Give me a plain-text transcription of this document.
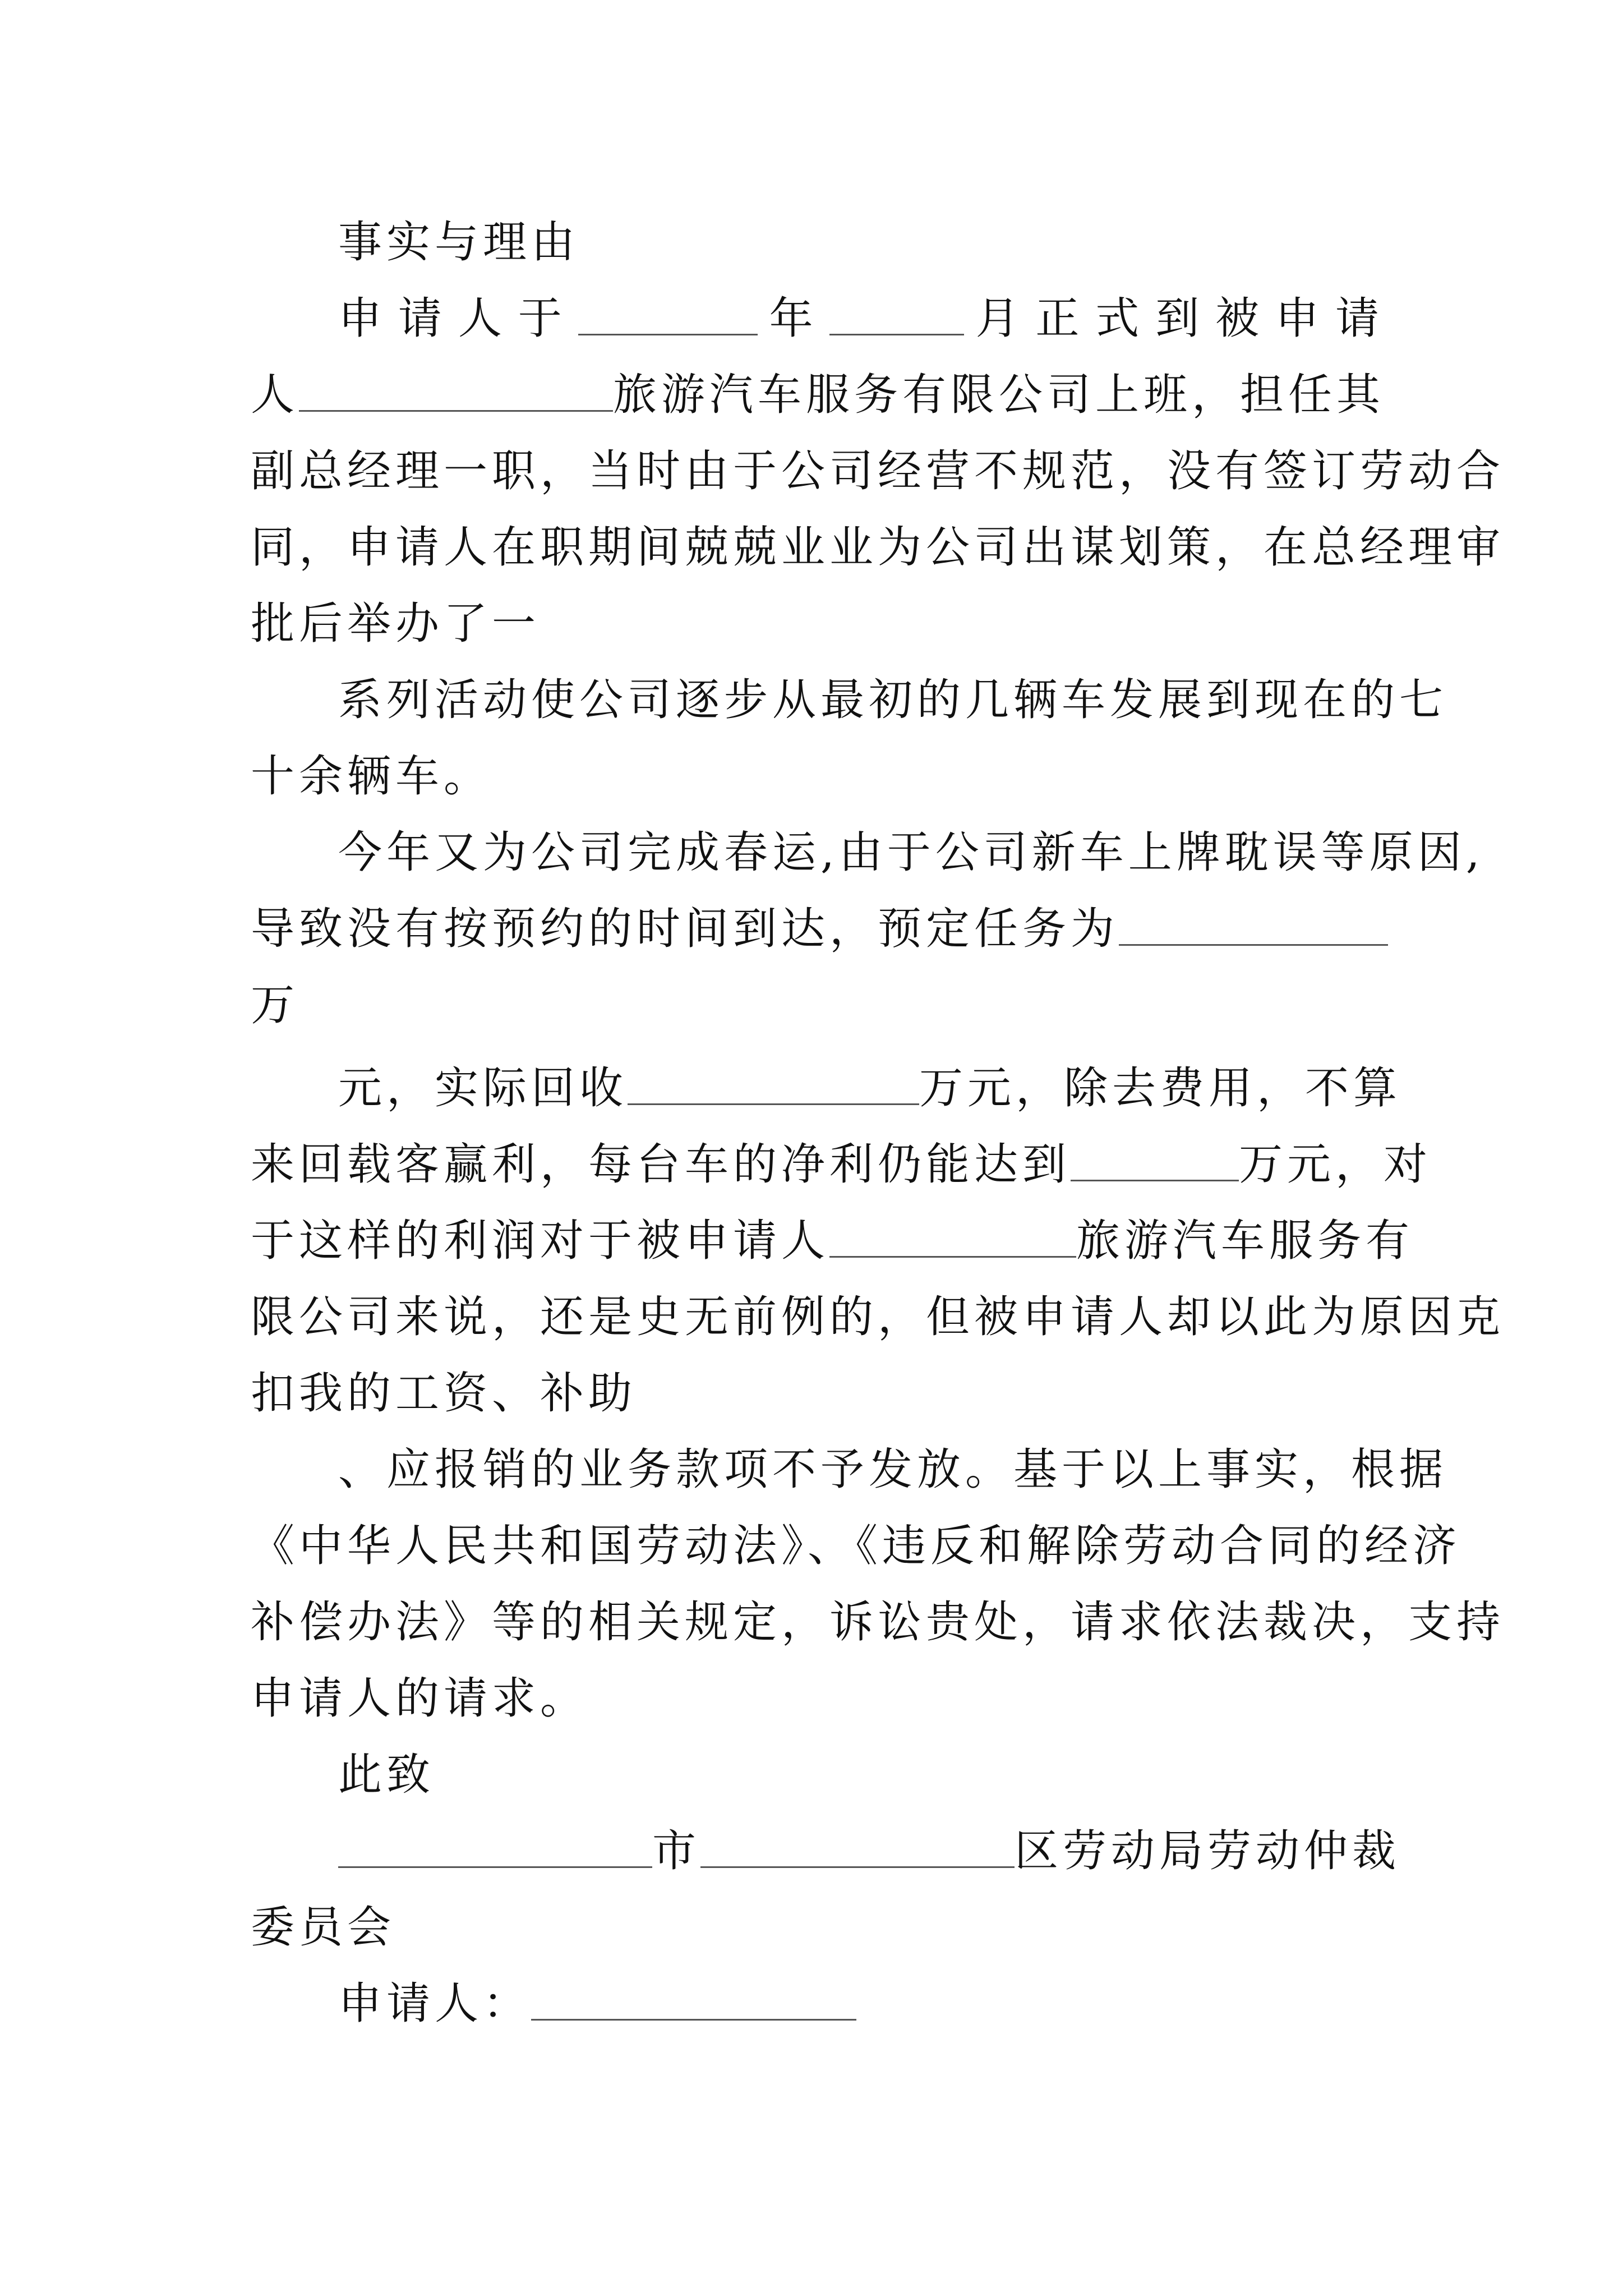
事实与理由
申请人于	年	月正式到被申请
人	旅游汽车服务有限公司上班，担任其
副总经理一职，当时由于公司经营不规范，没有签订劳动合
同，申请人在职期间兢兢业业为公司出谋划策，在总经理审
批后举办了一
系列活动使公司逐步从最初的几辆车发展到现在的七
十余辆车。
今年又为公司完成春运,由于公司新车上牌耽误等原因,
导致没有按预约的时间到达，预定任务为
万
元，实际回收	万元，除去费用，不算
来回载客赢利，每台车的净利仍能达到	万元，对
于这样的利润对于被申请人	旅游汽车服务有
限公司来说，还是史无前例的，但被申请人却以此为原因克
扣我的工资、补助
、应报销的业务款项不予发放。基于以上事实，根据
《中华人民共和国劳动法》、《违反和解除劳动合同的经济
补偿办法》等的相关规定，诉讼贵处，请求依法裁决，支持
申请人的请求。
此致
市	区劳动局劳动仲裁
委员会
申请人：
